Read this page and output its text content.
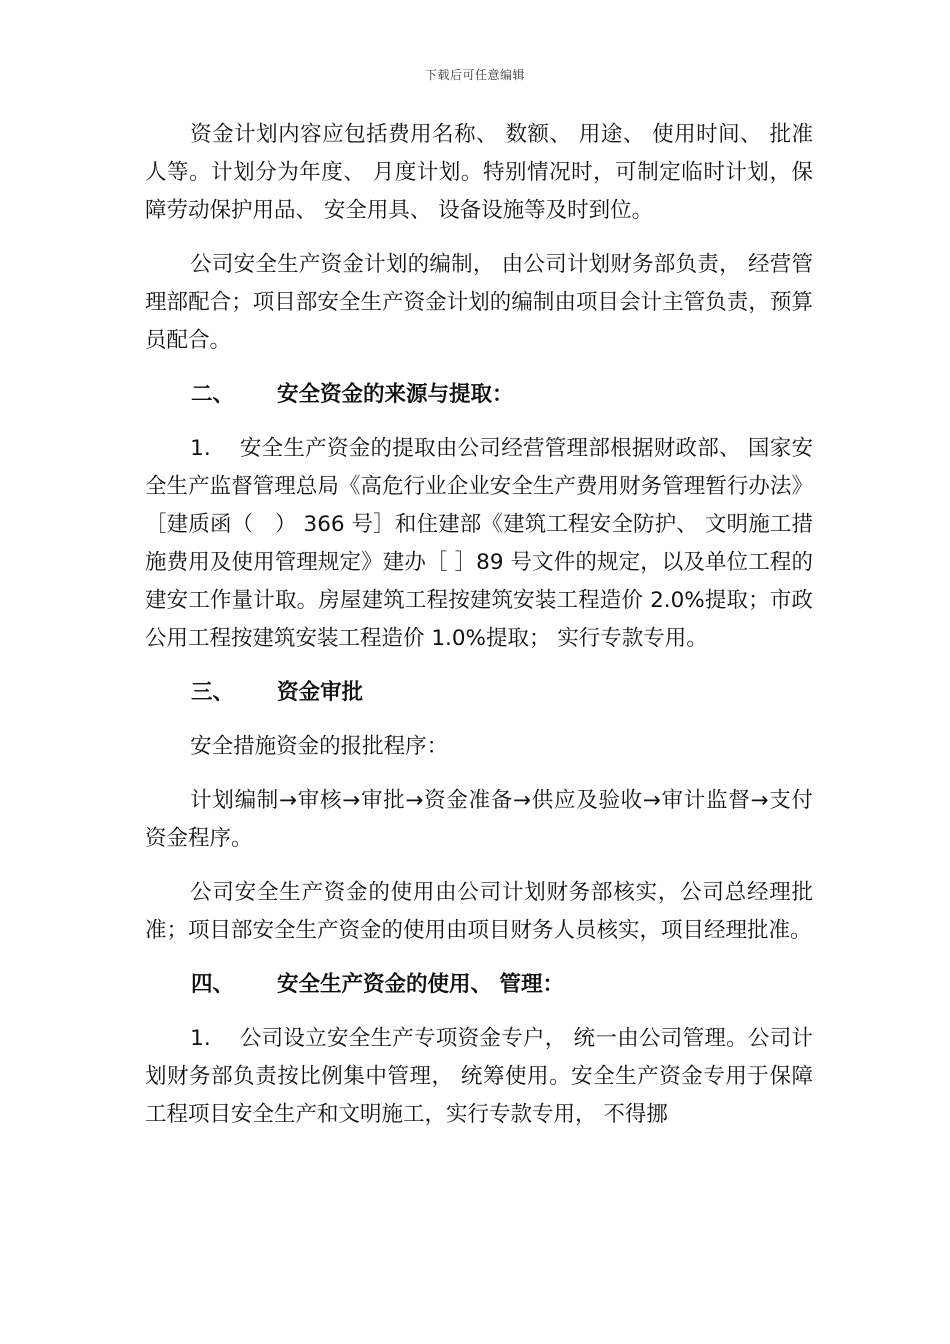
下载后可任意编辑

资金计划内容应包括费用名称、 数额、 用途、 使用时间、 批准人等。计划分为年度、 月度计划。特别情况时，可制定临时计划，保障劳动保护用品、 安全用具、 设备设施等及时到位。

公司安全生产资金计划的编制， 由公司计划财务部负责， 经营管理部配合；项目部安全生产资金计划的编制由项目会计主管负责，预算员配合。

二、 安全资金的来源与提取：

1.　 安全生产资金的提取由公司经营管理部根据财政部、 国家安全生产监督管理总局《高危行业企业安全生产费用财务管理暂行办法》［建质函（　） 366 号］和住建部《建筑工程安全防护、 文明施工措施费用及使用管理规定》建办［ ］89 号文件的规定，以及单位工程的建安工作量计取。房屋建筑工程按建筑安装工程造价 2.0%提取；市政公用工程按建筑安装工程造价 1.0%提取； 实行专款专用。

三、 资金审批

安全措施资金的报批程序：

计划编制→审核→审批→资金准备→供应及验收→审计监督→支付资金程序。

公司安全生产资金的使用由公司计划财务部核实，公司总经理批准；项目部安全生产资金的使用由项目财务人员核实，项目经理批准。

四、 安全生产资金的使用、 管理：

1.　 公司设立安全生产专项资金专户， 统一由公司管理。公司计划财务部负责按比例集中管理， 统筹使用。安全生产资金专用于保障工程项目安全生产和文明施工，实行专款专用， 不得挪
